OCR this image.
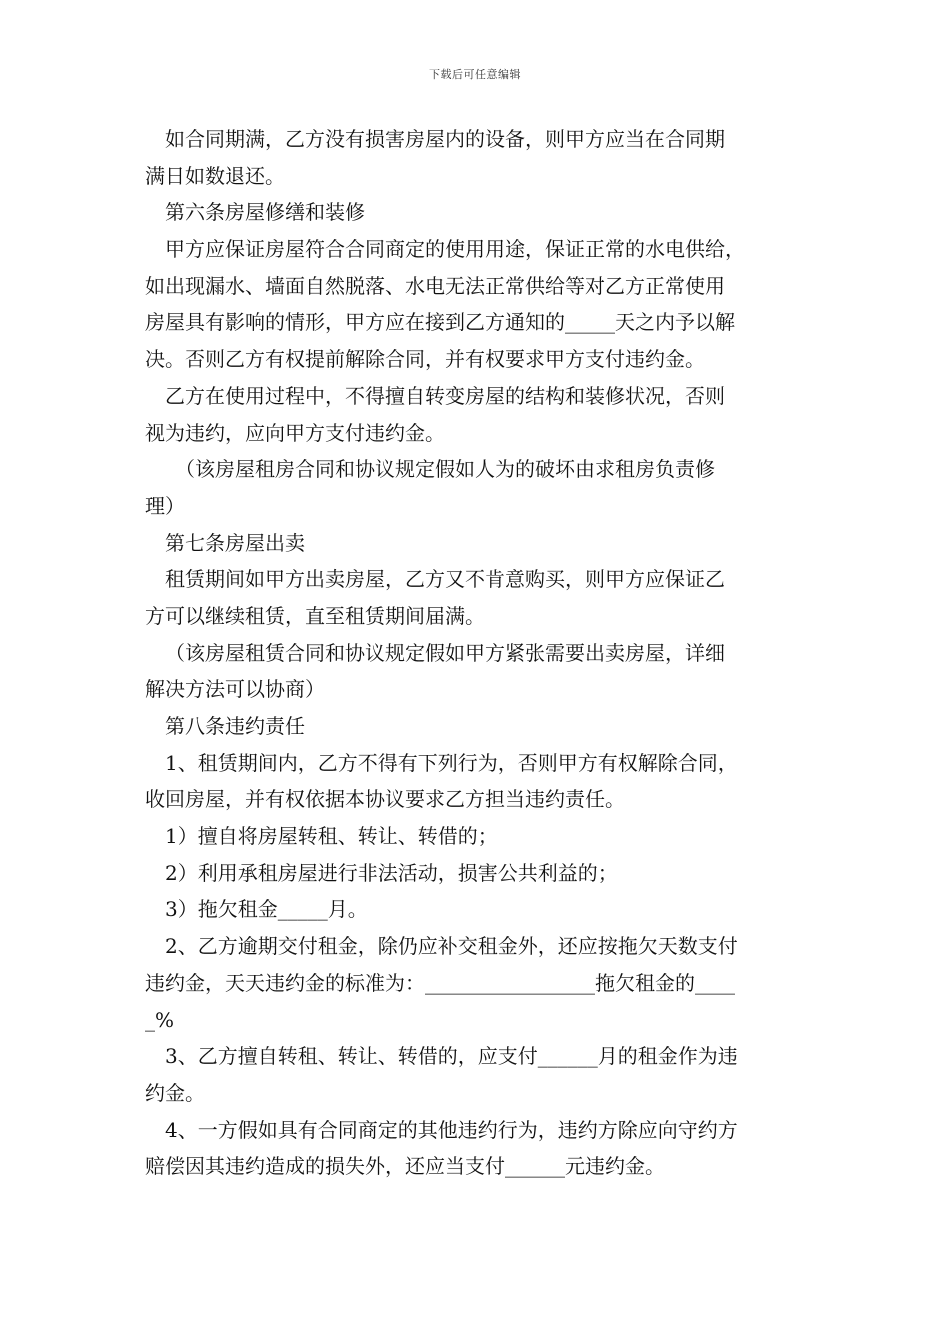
下载后可任意编辑
如合同期满，乙方没有损害房屋内的设备，则甲方应当在合同期
满日如数退还。
第六条房屋修缮和装修
甲方应保证房屋符合合同商定的使用用途，保证正常的水电供给，
如出现漏水、墙面自然脱落、水电无法正常供给等对乙方正常使用
房屋具有影响的情形，甲方应在接到乙方通知的_____天之内予以解
决。否则乙方有权提前解除合同，并有权要求甲方支付违约金。
乙方在使用过程中，不得擅自转变房屋的结构和装修状况，否则
视为违约，应向甲方支付违约金。
（该房屋租房合同和协议规定假如人为的破坏由求租房负责修
理）
第七条房屋出卖
租赁期间如甲方出卖房屋，乙方又不肯意购买，则甲方应保证乙
方可以继续租赁，直至租赁期间届满。
（该房屋租赁合同和协议规定假如甲方紧张需要出卖房屋，详细
解决方法可以协商）
第八条违约责任
1、租赁期间内，乙方不得有下列行为，否则甲方有权解除合同，
收回房屋，并有权依据本协议要求乙方担当违约责任。
1）擅自将房屋转租、转让、转借的；
2）利用承租房屋进行非法活动，损害公共利益的；
3）拖欠租金_____月。
2、乙方逾期交付租金，除仍应补交租金外，还应按拖欠天数支付
违约金，天天违约金的标准为：_________________拖欠租金的____
_%
3、乙方擅自转租、转让、转借的，应支付______月的租金作为违
约金。
4、一方假如具有合同商定的其他违约行为，违约方除应向守约方
赔偿因其违约造成的损失外，还应当支付______元违约金。
